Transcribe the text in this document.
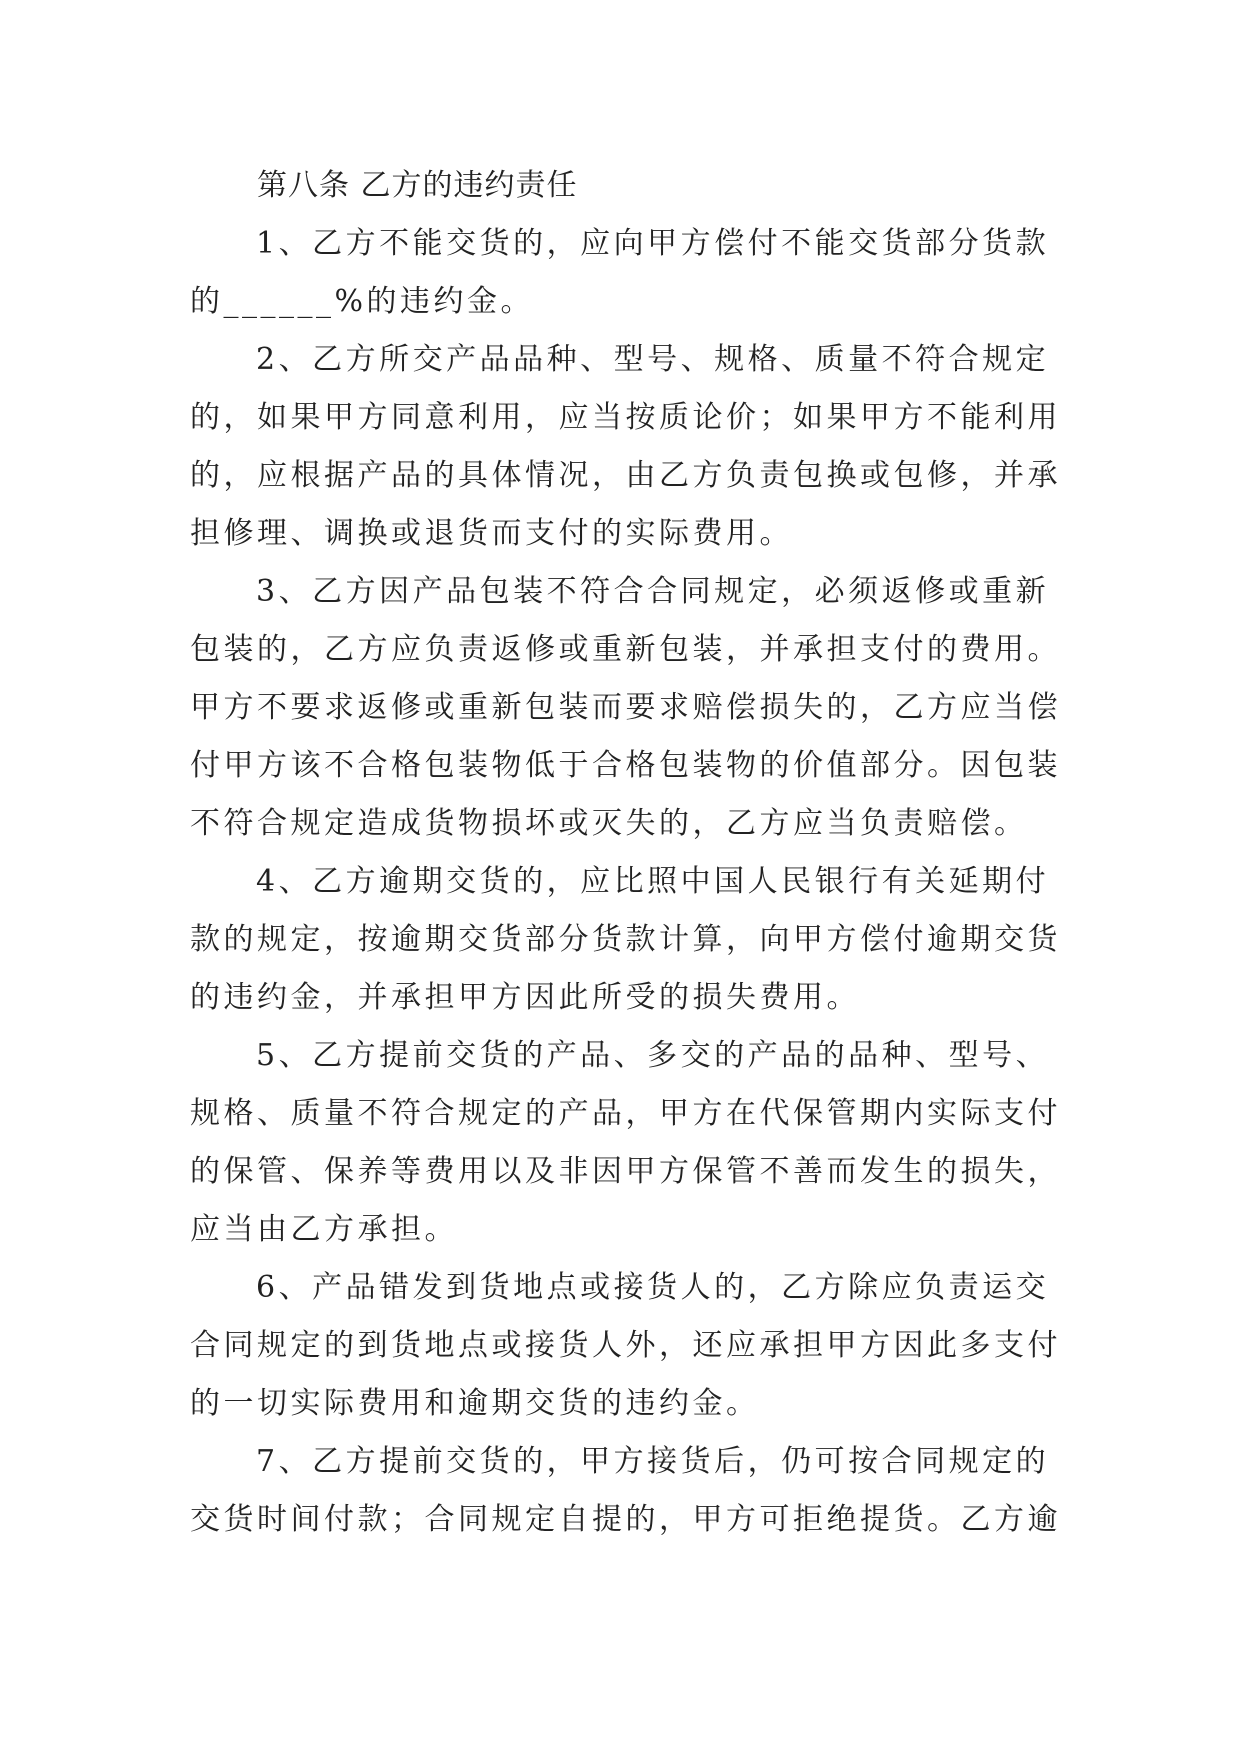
第八条 乙方的违约责任
1、乙方不能交货的，应向甲方偿付不能交货部分货款
的______%的违约金。
2、乙方所交产品品种、型号、规格、质量不符合规定
的，如果甲方同意利用，应当按质论价；如果甲方不能利用
的，应根据产品的具体情况，由乙方负责包换或包修，并承
担修理、调换或退货而支付的实际费用。
3、乙方因产品包装不符合合同规定，必须返修或重新
包装的，乙方应负责返修或重新包装，并承担支付的费用。
甲方不要求返修或重新包装而要求赔偿损失的，乙方应当偿
付甲方该不合格包装物低于合格包装物的价值部分。因包装
不符合规定造成货物损坏或灭失的，乙方应当负责赔偿。
4、乙方逾期交货的，应比照中国人民银行有关延期付
款的规定，按逾期交货部分货款计算，向甲方偿付逾期交货
的违约金，并承担甲方因此所受的损失费用。
5、乙方提前交货的产品、多交的产品的品种、型号、
规格、质量不符合规定的产品，甲方在代保管期内实际支付
的保管、保养等费用以及非因甲方保管不善而发生的损失，
应当由乙方承担。
6、产品错发到货地点或接货人的，乙方除应负责运交
合同规定的到货地点或接货人外，还应承担甲方因此多支付
的一切实际费用和逾期交货的违约金。
7、乙方提前交货的，甲方接货后，仍可按合同规定的
交货时间付款；合同规定自提的，甲方可拒绝提货。乙方逾
